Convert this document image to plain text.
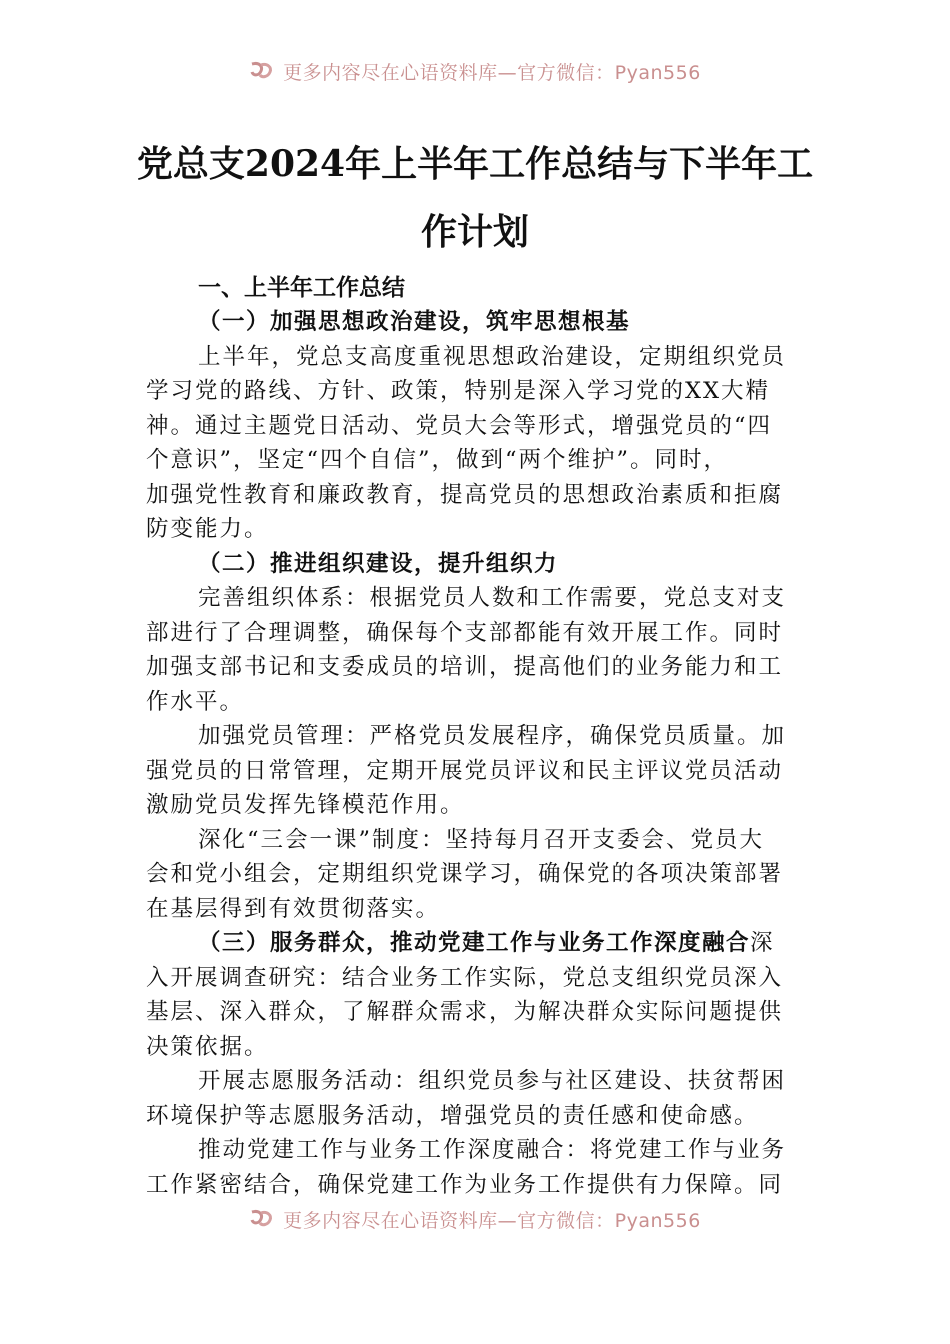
更多内容尽在心语资料库—官方微信：Pyan556
党总支2024年上半年工作总结与下半年工
作计划
一、上半年工作总结
（一）加强思想政治建设，筑牢思想根基
上半年，党总支高度重视思想政治建设，定期组织党员
学习党的路线、方针、政策，特别是深入学习党的XX大精
神。通过主题党日活动、党员大会等形式，增强党员的“四
个意识”，坚定“四个自信”，做到“两个维护”。同时，
加强党性教育和廉政教育，提高党员的思想政治素质和拒腐
防变能力。
（二）推进组织建设，提升组织力
完善组织体系：根据党员人数和工作需要，党总支对支
部进行了合理调整，确保每个支部都能有效开展工作。同时
加强支部书记和支委成员的培训，提高他们的业务能力和工
作水平。
加强党员管理：严格党员发展程序，确保党员质量。加
强党员的日常管理，定期开展党员评议和民主评议党员活动
激励党员发挥先锋模范作用。
深化“三会一课”制度：坚持每月召开支委会、党员大
会和党小组会，定期组织党课学习，确保党的各项决策部署
在基层得到有效贯彻落实。
（三）服务群众，推动党建工作与业务工作深度融合深
入开展调查研究：结合业务工作实际，党总支组织党员深入
基层、深入群众，了解群众需求，为解决群众实际问题提供
决策依据。
开展志愿服务活动：组织党员参与社区建设、扶贫帮困
环境保护等志愿服务活动，增强党员的责任感和使命感。
推动党建工作与业务工作深度融合：将党建工作与业务
工作紧密结合，确保党建工作为业务工作提供有力保障。同
更多内容尽在心语资料库—官方微信：Pyan556
